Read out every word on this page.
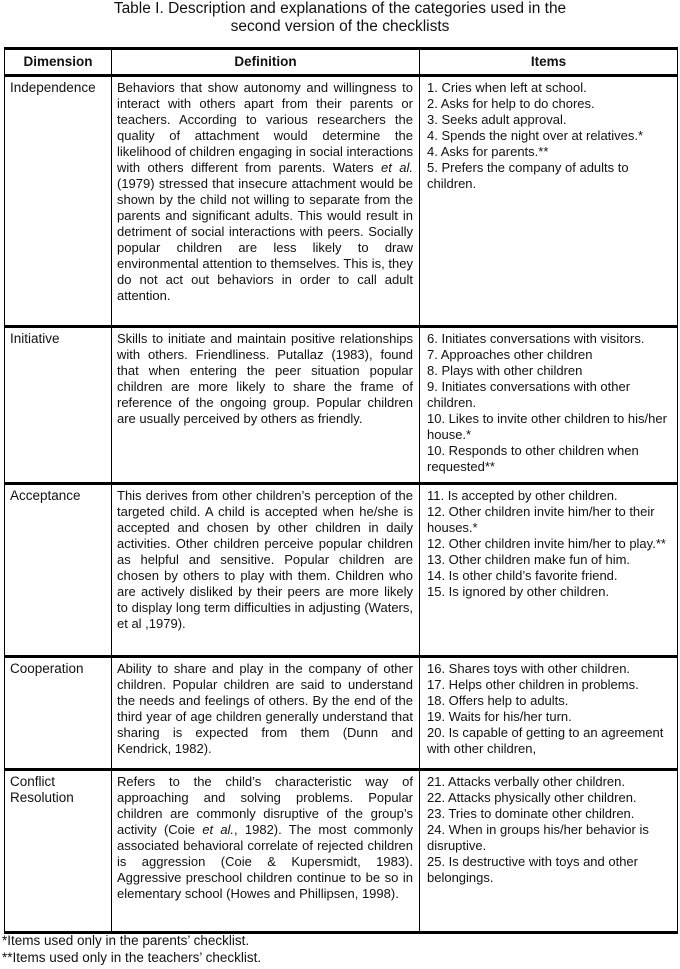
Table I. Description and explanations of the categories used in the
second version of the checklists
Dimension	Definition	Items
Independence	Behaviors that show autonomy and willingness to interact with others apart from their parents or teachers. According to various researchers the quality of attachment would determine the likelihood of children engaging in social interactions with others different from parents. Waters et al. (1979) stressed that insecure attachment would be shown by the child not willing to separate from the parents and significant adults. This would result in detriment of social interactions with peers. Socially popular children are less likely to draw environmental attention to themselves. This is, they do not act out behaviors in order to call adult attention.	
1. Cries when left at school.
2. Asks for help to do chores.
3. Seeks adult approval.
4. Spends the night over at relatives.*
4. Asks for parents.**
5. Prefers the company of adults to children.

Initiative	Skills to initiate and maintain positive relationships with others. Friendliness. Putallaz (1983), found that when entering the peer situation popular children are more likely to share the frame of reference of the ongoing group. Popular children are usually perceived by others as friendly.	
6. Initiates conversations with visitors.
7. Approaches other children
8. Plays with other children
9. Initiates conversations with other children.
10. Likes to invite other children to his/her house.*
10. Responds to other children when requested**

Acceptance	This derives from other children’s perception of the targeted child. A child is accepted when he/she is accepted and chosen by other children in daily activities. Other children perceive popular children as helpful and sensitive. Popular children are chosen by others to play with them. Children who are actively disliked by their peers are more likely to display long term difficulties in adjusting (Waters, et al ,1979).	
11. Is accepted by other children.
12. Other children invite him/her to their houses.*
12. Other children invite him/her to play.**
13. Other children make fun of him.
14. Is other child’s favorite friend.
15. Is ignored by other children.

Cooperation	Ability to share and play in the company of other children. Popular children are said to understand the needs and feelings of others. By the end of the third year of age children generally understand that sharing is expected from them (Dunn and Kendrick, 1982).	
16. Shares toys with other children.
17. Helps other children in problems.
18. Offers help to adults.
19. Waits for his/her turn.
20. Is capable of getting to an agreement with other children,

Conflict Resolution	Refers to the child’s characteristic way of approaching and solving problems. Popular children are commonly disruptive of the group’s activity (Coie et al., 1982). The most commonly associated behavioral correlate of rejected children is aggression (Coie & Kupersmidt, 1983). Aggressive preschool children continue to be so in elementary school (Howes and Phillipsen, 1998).	
21. Attacks verbally other children.
22. Attacks physically other children.
23. Tries to dominate other children.
24. When in groups his/her behavior is disruptive.
25. Is destructive with toys and other belongings.
*Items used only in the parents’ checklist.
**Items used only in the teachers’ checklist.
